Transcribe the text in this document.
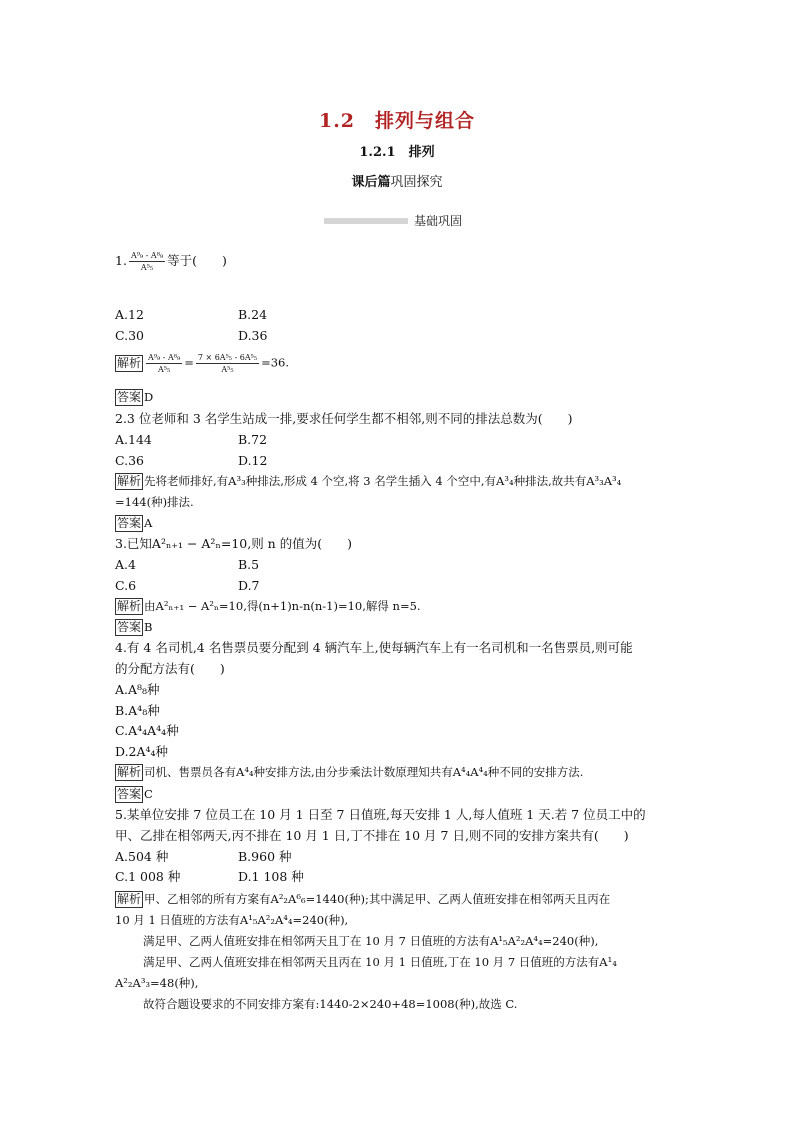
1.2　排列与组合
1.2.1　排列
课后篇巩固探究
基础巩固
1. $\frac{\text{A⁹₉ - A⁸₉}}{\text{A⁵₅}}$ 等于(　　)
A.12	B.24
C.30	D.36
解析 $\frac{\text{A⁹₉ - A⁸₉}}{\text{A⁵₅}} = \frac{\text{7 × 6A⁵₅ - 6A⁵₅}}{\text{A⁵₅}} =36$.
答案 D
2.3 位老师和 3 名学生站成一排,要求任何学生都不相邻,则不同的排法总数为(　　)
A.144	B.72
C.36	D.12
解析 先将老师排好,有A³₃种排法,形成 4 个空,将 3 名学生插入 4 个空中,有A³₄种排法,故共有A³₃A³₄
=144(种)排法.
答案 A
3.已知A²ₙ₊₁ − A²ₙ=10,则 n 的值为(　　)
A.4	B.5
C.6	D.7
解析 由A²ₙ₊₁ − A²ₙ=10,得(n+1)n-n(n-1)=10,解得 n=5.
答案 B
4.有 4 名司机,4 名售票员要分配到 4 辆汽车上,使每辆汽车上有一名司机和一名售票员,则可能
的分配方法有(　　)
A.A⁸₈种
B.A⁴₈种
C.A⁴₄A⁴₄种
D.2A⁴₄种
解析 司机、售票员各有A⁴₄种安排方法,由分步乘法计数原理知共有A⁴₄A⁴₄种不同的安排方法.
答案 C
5.某单位安排 7 位员工在 10 月 1 日至 7 日值班,每天安排 1 人,每人值班 1 天.若 7 位员工中的
甲、乙排在相邻两天,丙不排在 10 月 1 日,丁不排在 10 月 7 日,则不同的安排方案共有(　　)
A.504 种	B.960 种
C.1 008 种	D.1 108 种
解析 甲、乙相邻的所有方案有A²₂A⁶₆=1440(种);其中满足甲、乙两人值班安排在相邻两天且丙在
10 月 1 日值班的方法有A¹₅A²₂A⁴₄=240(种),
满足甲、乙两人值班安排在相邻两天且丁在 10 月 7 日值班的方法有A¹₅A²₂A⁴₄=240(种),
满足甲、乙两人值班安排在相邻两天且丙在 10 月 1 日值班,丁在 10 月 7 日值班的方法有A¹₄
A²₂A³₃=48(种),
故符合题设要求的不同安排方案有:1440-2×240+48=1008(种),故选 C.
